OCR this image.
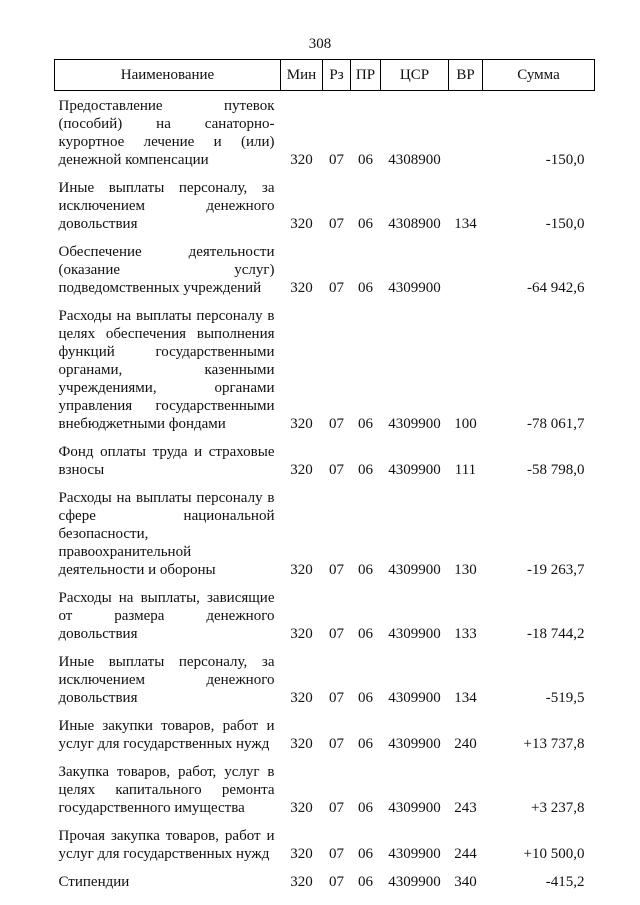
308
Наименование	Мин	Рз	ПР	ЦСР	ВР	Сумма
Предоставление путевок (пособий) на санаторно-курортное лечение и (или) денежной компенсации	320	07	06	4308900		-150,0
Иные выплаты персоналу, за исключением денежного довольствия	320	07	06	4308900	134	-150,0
Обеспечение деятельности (оказание услуг) подведомственных учреждений	320	07	06	4309900		-64 942,6
Расходы на выплаты персоналу в целях обеспечения выполнения функций государственными органами, казенными учреждениями, органами управления государственными внебюджетными фондами	320	07	06	4309900	100	-78 061,7
Фонд оплаты труда и страховые взносы	320	07	06	4309900	111	-58 798,0
Расходы на выплаты персоналу в сфере национальной безопасности, правоохранительной деятельности и обороны	320	07	06	4309900	130	-19 263,7
Расходы на выплаты, зависящие от размера денежного довольствия	320	07	06	4309900	133	-18 744,2
Иные выплаты персоналу, за исключением денежного довольствия	320	07	06	4309900	134	-519,5
Иные закупки товаров, работ и услуг для государственных нужд	320	07	06	4309900	240	+13 737,8
Закупка товаров, работ, услуг в целях капитального ремонта государственного имущества	320	07	06	4309900	243	+3 237,8
Прочая закупка товаров, работ и услуг для государственных нужд	320	07	06	4309900	244	+10 500,0
Стипендии	320	07	06	4309900	340	-415,2
